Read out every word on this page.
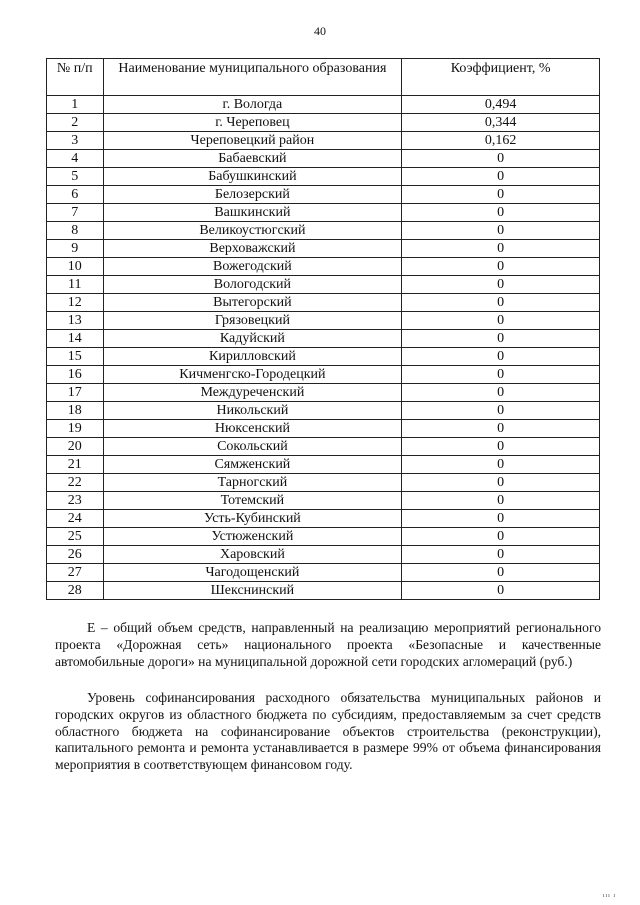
40
№ п/п	Наименование муниципального образования	Коэффициент, %
1	г. Вологда	0,494
2	г. Череповец	0,344
3	Череповецкий район	0,162
4	Бабаевский	0
5	Бабушкинский	0
6	Белозерский	0
7	Вашкинский	0
8	Великоустюгский	0
9	Верховажский	0
10	Вожегодский	0
11	Вологодский	0
12	Вытегорский	0
13	Грязовецкий	0
14	Кадуйский	0
15	Кирилловский	0
16	Кичменгско-Городецкий	0
17	Междуреченский	0
18	Никольский	0
19	Нюксенский	0
20	Сокольский	0
21	Сямженский	0
22	Тарногский	0
23	Тотемский	0
24	Усть-Кубинский	0
25	Устюженский	0
26	Харовский	0
27	Чагодощенский	0
28	Шекснинский	0

E – общий объем средств, направленный на реализацию мероприятий регионального проекта «Дорожная сеть» национального проекта «Безопасные и качественные автомобильные дороги» на муниципальной дорожной сети городских агломераций (руб.)

Уровень софинансирования расходного обязательства муниципальных районов и городских округов из областного бюджета по субсидиям, предоставляемым за счет средств областного бюджета на софинансирование объектов строительства (реконструкции), капитального ремонта и ремонта устанавливается в размере 99% от объема финансирования мероприятия в соответствующем финансовом году.

ııı ı
